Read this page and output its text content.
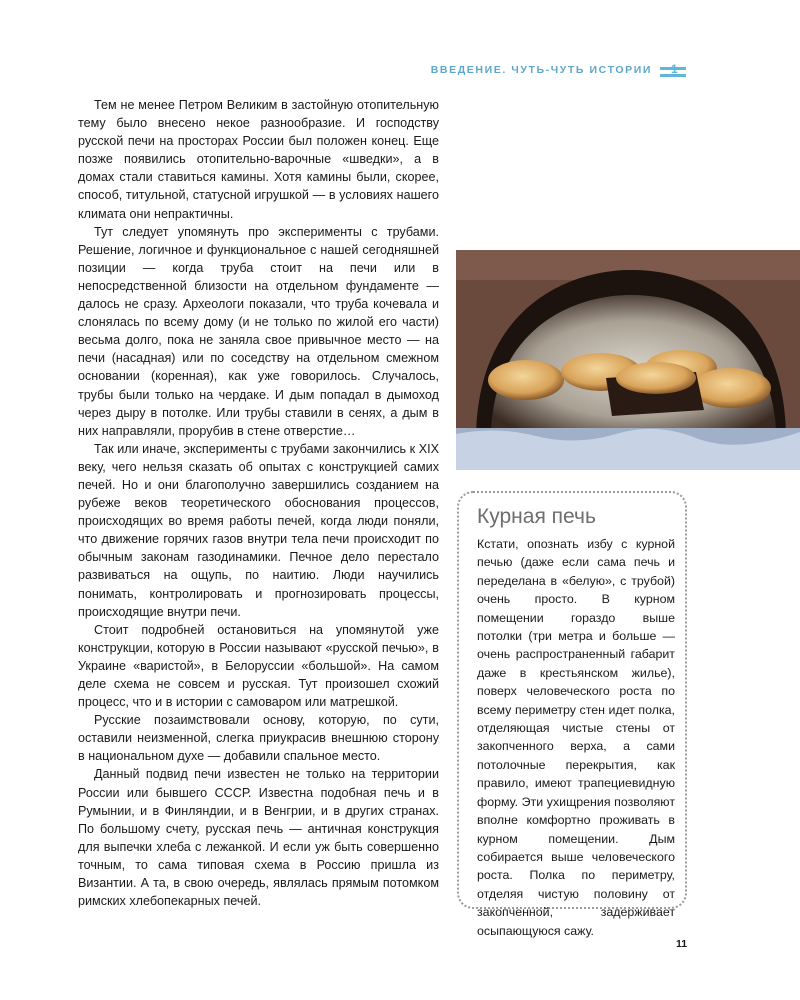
ВВЕДЕНИЕ. ЧУТЬ-ЧУТЬ ИСТОРИИ 1

Тем не менее Петром Великим в застойную отопительную тему было внесено некое разнообразие. И господству русской печи на просторах России был положен конец. Еще позже появились отопительно-варочные «шведки», а в домах стали ставиться камины. Хотя камины были, скорее, способ, титульной, статусной игрушкой — в условиях нашего климата они непрактичны.

Тут следует упомянуть про эксперименты с трубами. Решение, логичное и функциональное с нашей сегодняшней позиции — когда труба стоит на печи или в непосредственной близости на отдельном фундаменте — далось не сразу. Археологи показали, что труба кочевала и слонялась по всему дому (и не только по жилой его части) весьма долго, пока не заняла свое привычное место — на печи (насадная) или по соседству на отдельном смежном основании (коренная), как уже говорилось. Случалось, трубы были только на чердаке. И дым попадал в дымоход через дыру в потолке. Или трубы ставили в сенях, а дым в них направляли, прорубив в стене отверстие…

Так или иначе, эксперименты с трубами закончились к XIX веку, чего нельзя сказать об опытах с конструкцией самих печей. Но и они благополучно завершились созданием на рубеже веков теоретического обоснования процессов, происходящих во время работы печей, когда люди поняли, что движение горячих газов внутри тела печи происходит по обычным законам газодинамики. Печное дело перестало развиваться на ощупь, по наитию. Люди научились понимать, контролировать и прогнозировать процессы, происходящие внутри печи.

Стоит подробней остановиться на упомянутой уже конструкции, которую в России называют «русской печью», в Украине «варистой», в Белоруссии «большой». На самом деле схема не совсем и русская. Тут произошел схожий процесс, что и в истории с самоваром или матрешкой.

Русские позаимствовали основу, которую, по сути, оставили неизменной, слегка приукрасив внешнюю сторону в национальном духе — добавили спальное место.

Данный подвид печи известен не только на территории России или бывшего СССР. Известна подобная печь и в Румынии, и в Финляндии, и в Венгрии, и в других странах. По большому счету, русская печь — античная конструкция для выпечки хлеба с лежанкой. И если уж быть совершенно точным, то сама типовая схема в Россию пришла из Византии. А та, в свою очередь, являлась прямым потомком римских хлебопекарных печей.

Курная печь

Кстати, опознать избу с курной печью (даже если сама печь и переделана в «белую», с трубой) очень просто. В курном помещении гораздо выше потолки (три метра и больше — очень распространенный габарит даже в крестьянском жилье), поверх человеческого роста по всему периметру стен идет полка, отделяющая чистые стены от закопченного верха, а сами потолочные перекрытия, как правило, имеют трапециевидную форму. Эти ухищрения позволяют вполне комфортно проживать в курном помещении. Дым собирается выше человеческого роста. Полка по периметру, отделяя чистую половину от закопченной, задерживает осыпающуюся сажу.

11
